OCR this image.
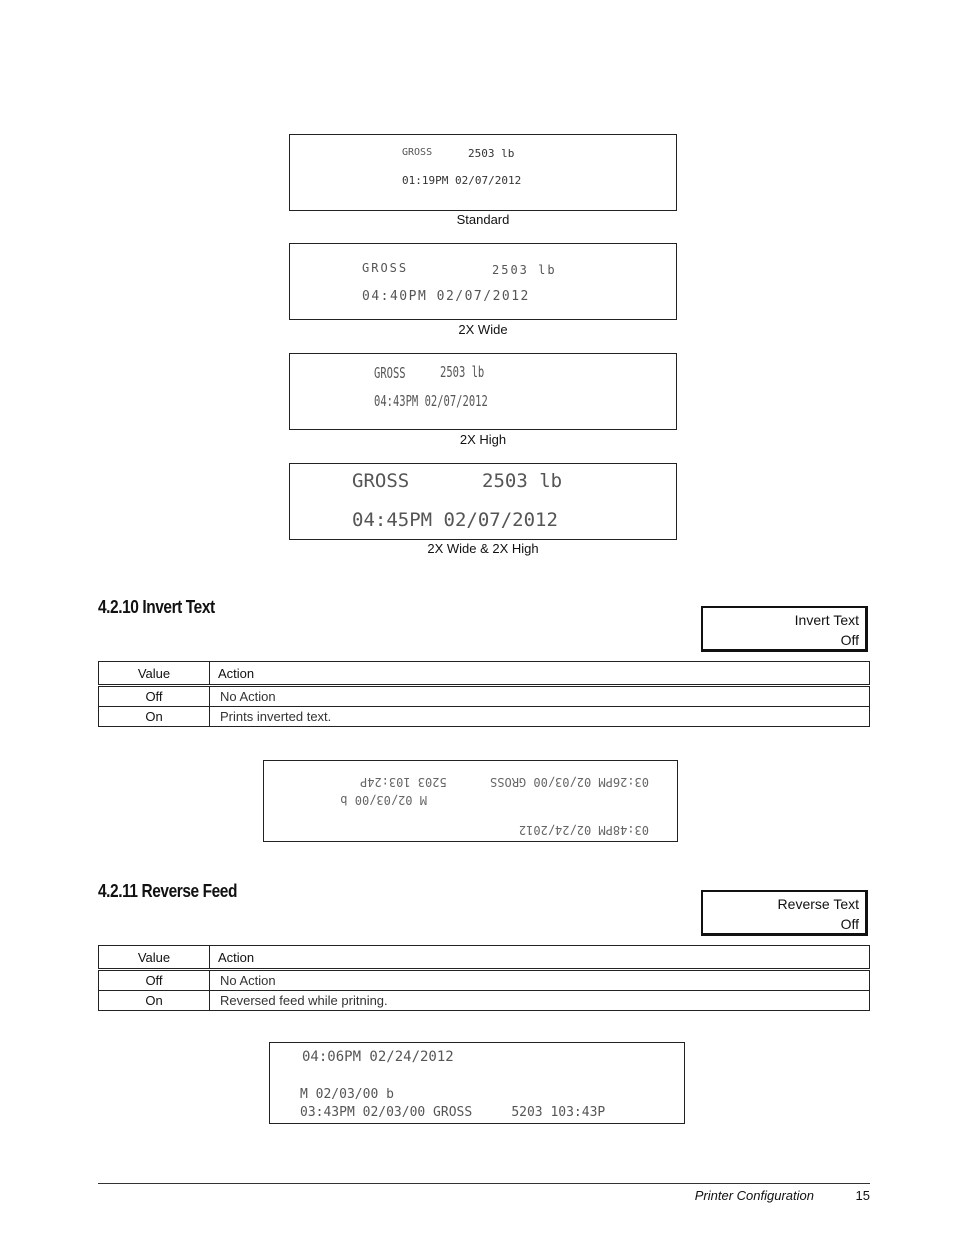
GROSS	2503 lb
01:19PM 02/07/2012
Standard
GROSS	2503 lb
04:40PM 02/07/2012
2X Wide
GROSS 2503 lb
04:43PM 02/07/2012
2X High
GROSS	2503 lb
04:45PM 02/07/2012
2X Wide & 2X High
4.2.10 Invert Text
Invert Text
Off
Value	Action
Off	No Action
On	Prints inverted text.
03:26PM 02/03/00 GROSS      5203 103:24P
M 02/03/00 b
03:48PM 02/24/2012
4.2.11 Reverse Feed
Reverse Text
Off
Value	Action
Off	No Action
On	Reversed feed while pritning.
04:06PM 02/24/2012
M 02/03/00 b
03:43PM 02/03/00 GROSS     5203 103:43P
Printer Configuration	15
